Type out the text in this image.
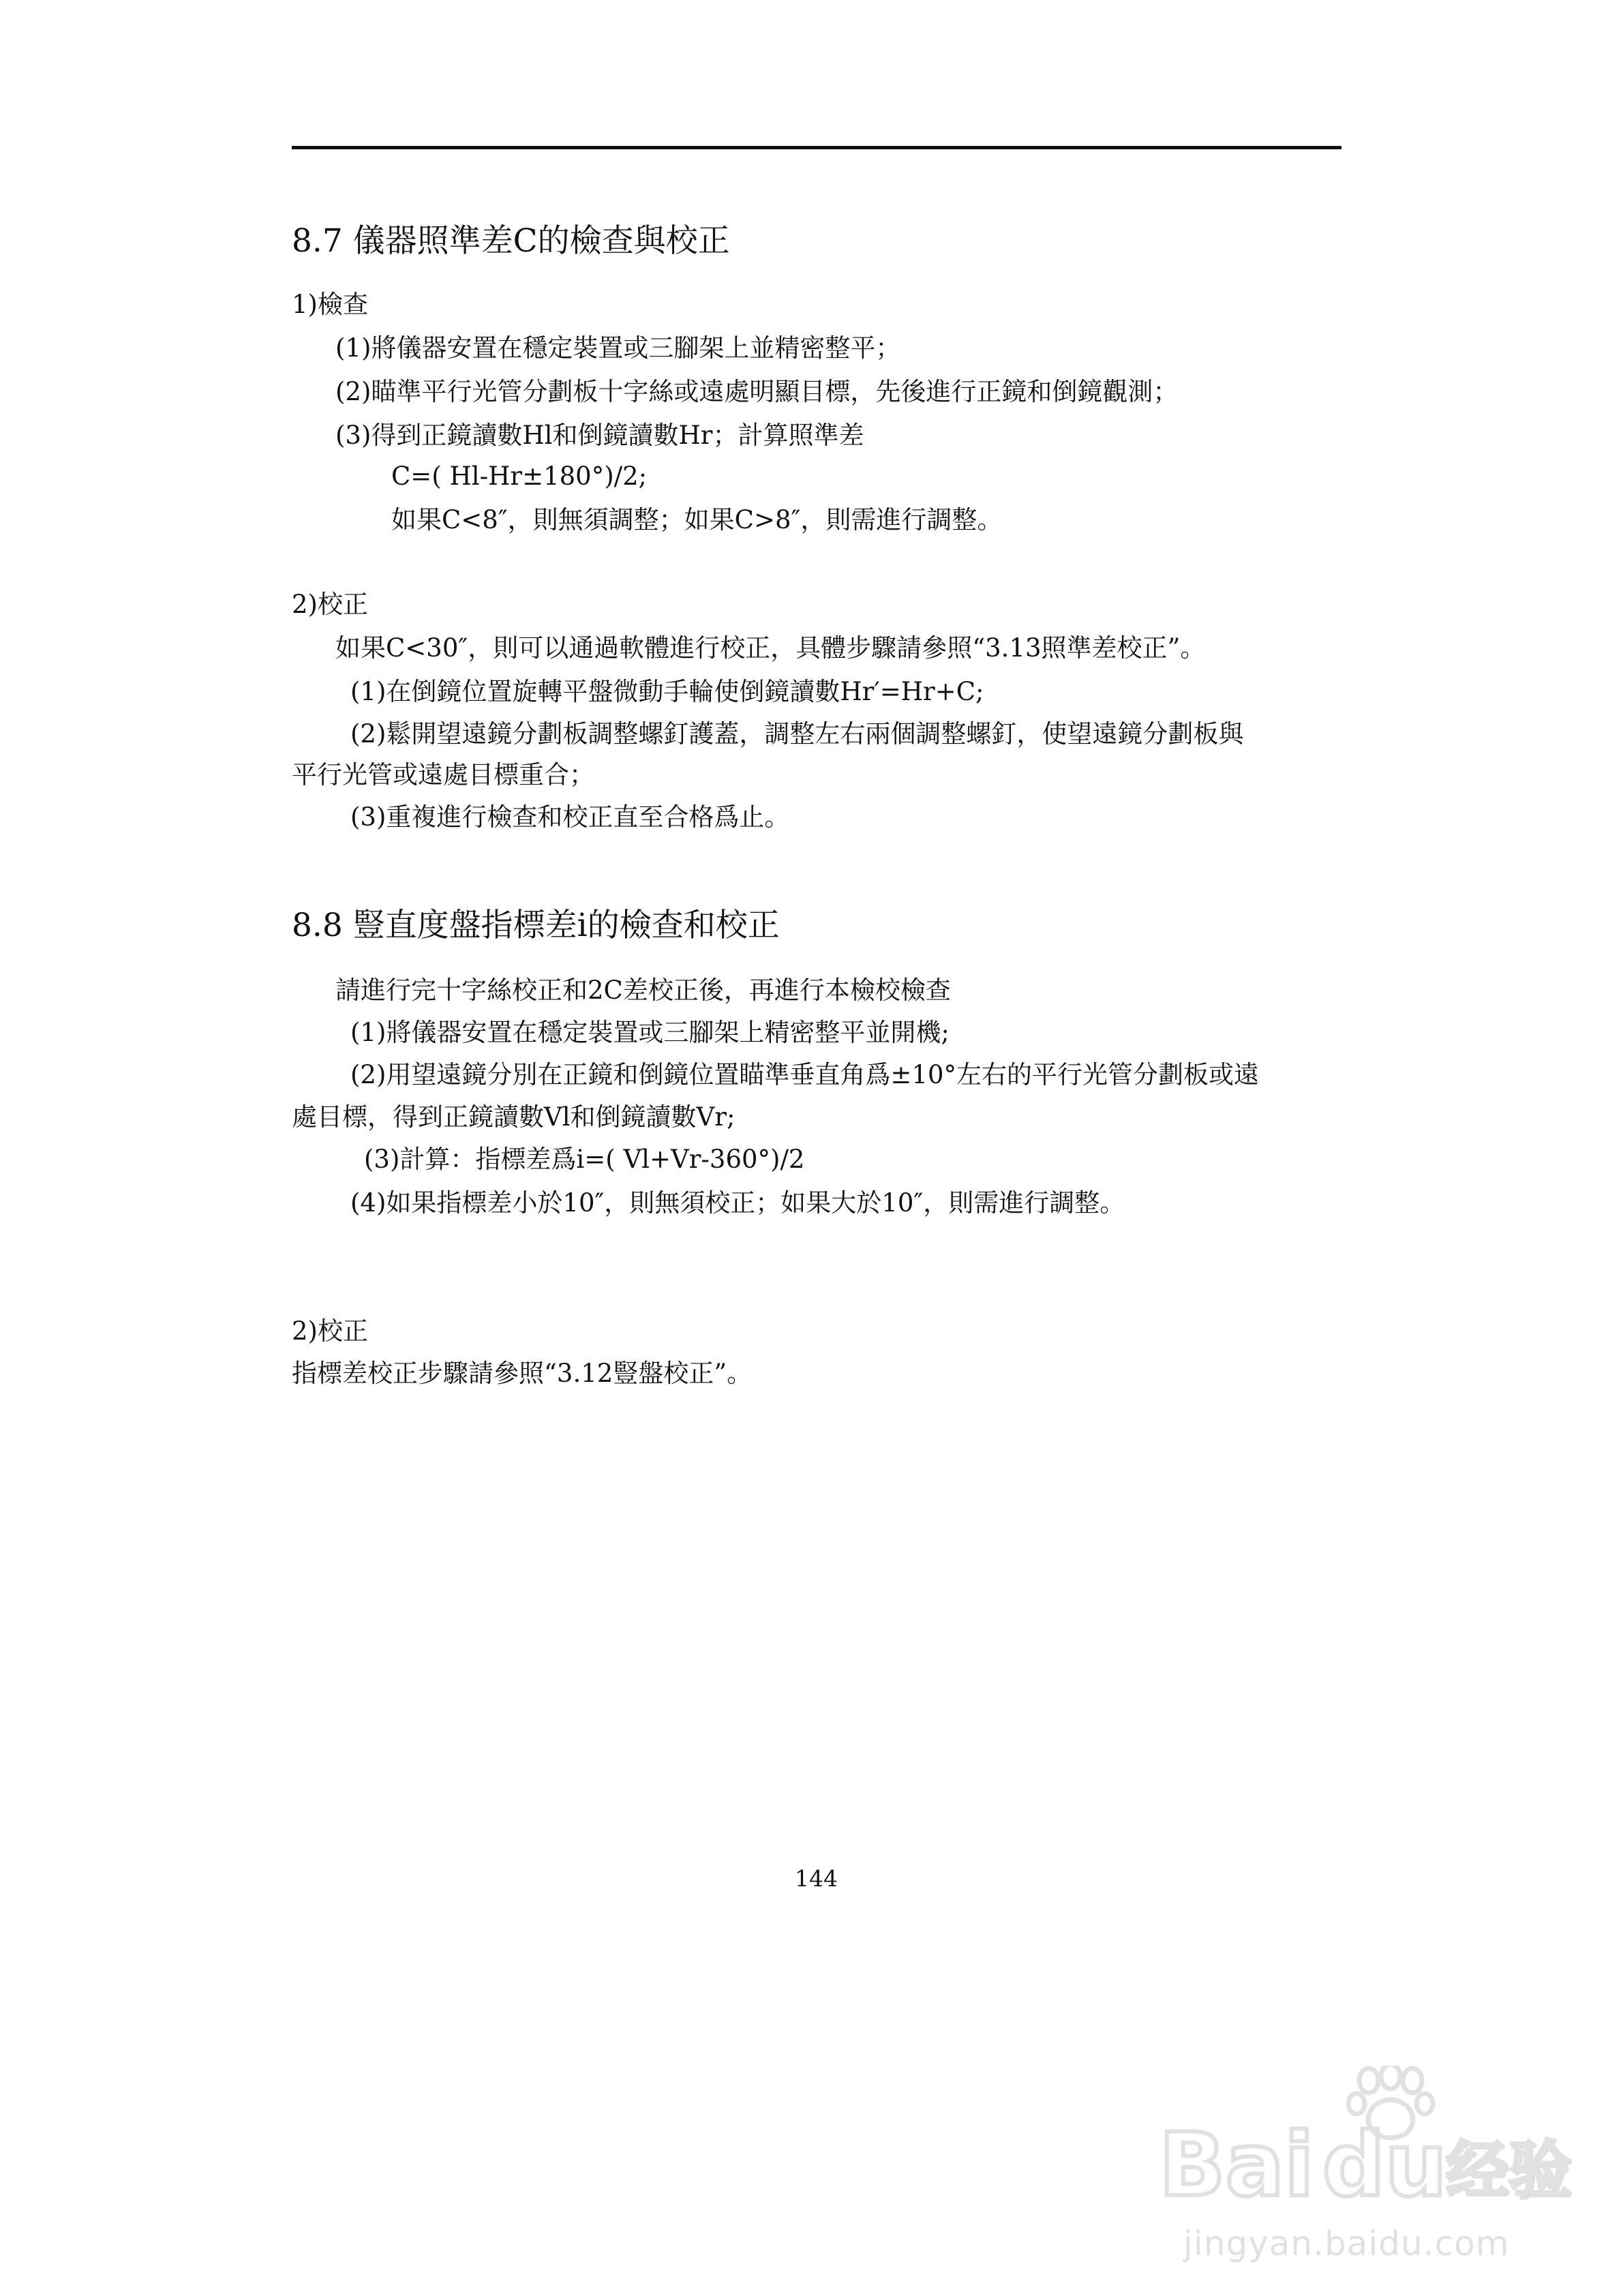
8.7 儀器照準差C的檢查與校正
1)檢查
(1)將儀器安置在穩定裝置或三腳架上並精密整平；
(2)瞄準平行光管分劃板十字絲或遠處明顯目標，先後進行正鏡和倒鏡觀測；
(3)得到正鏡讀數Hl和倒鏡讀數Hr；計算照準差
C=( Hl-Hr±180°)/2;
如果C<8″，則無須調整；如果C>8″，則需進行調整。
2)校正
如果C<30″，則可以通過軟體進行校正，具體步驟請參照“3.13照準差校正”。
(1)在倒鏡位置旋轉平盤微動手輪使倒鏡讀數Hr′=Hr+C;
(2)鬆開望遠鏡分劃板調整螺釘護蓋，調整左右兩個調整螺釘，使望遠鏡分劃板與
平行光管或遠處目標重合；
(3)重複進行檢查和校正直至合格爲止。
8.8 豎直度盤指標差i的檢查和校正
請進行完十字絲校正和2C差校正後，再進行本檢校檢查
(1)將儀器安置在穩定裝置或三腳架上精密整平並開機;
(2)用望遠鏡分別在正鏡和倒鏡位置瞄準垂直角爲±10°左右的平行光管分劃板或遠
處目標，得到正鏡讀數Vl和倒鏡讀數Vr;
(3)計算：指標差爲i=( Vl+Vr-360°)/2
(4)如果指標差小於10″，則無須校正；如果大於10″，則需進行調整。
2)校正
指標差校正步驟請參照“3.12豎盤校正”。
144
Bai du 经验
jingyan.baidu.com
